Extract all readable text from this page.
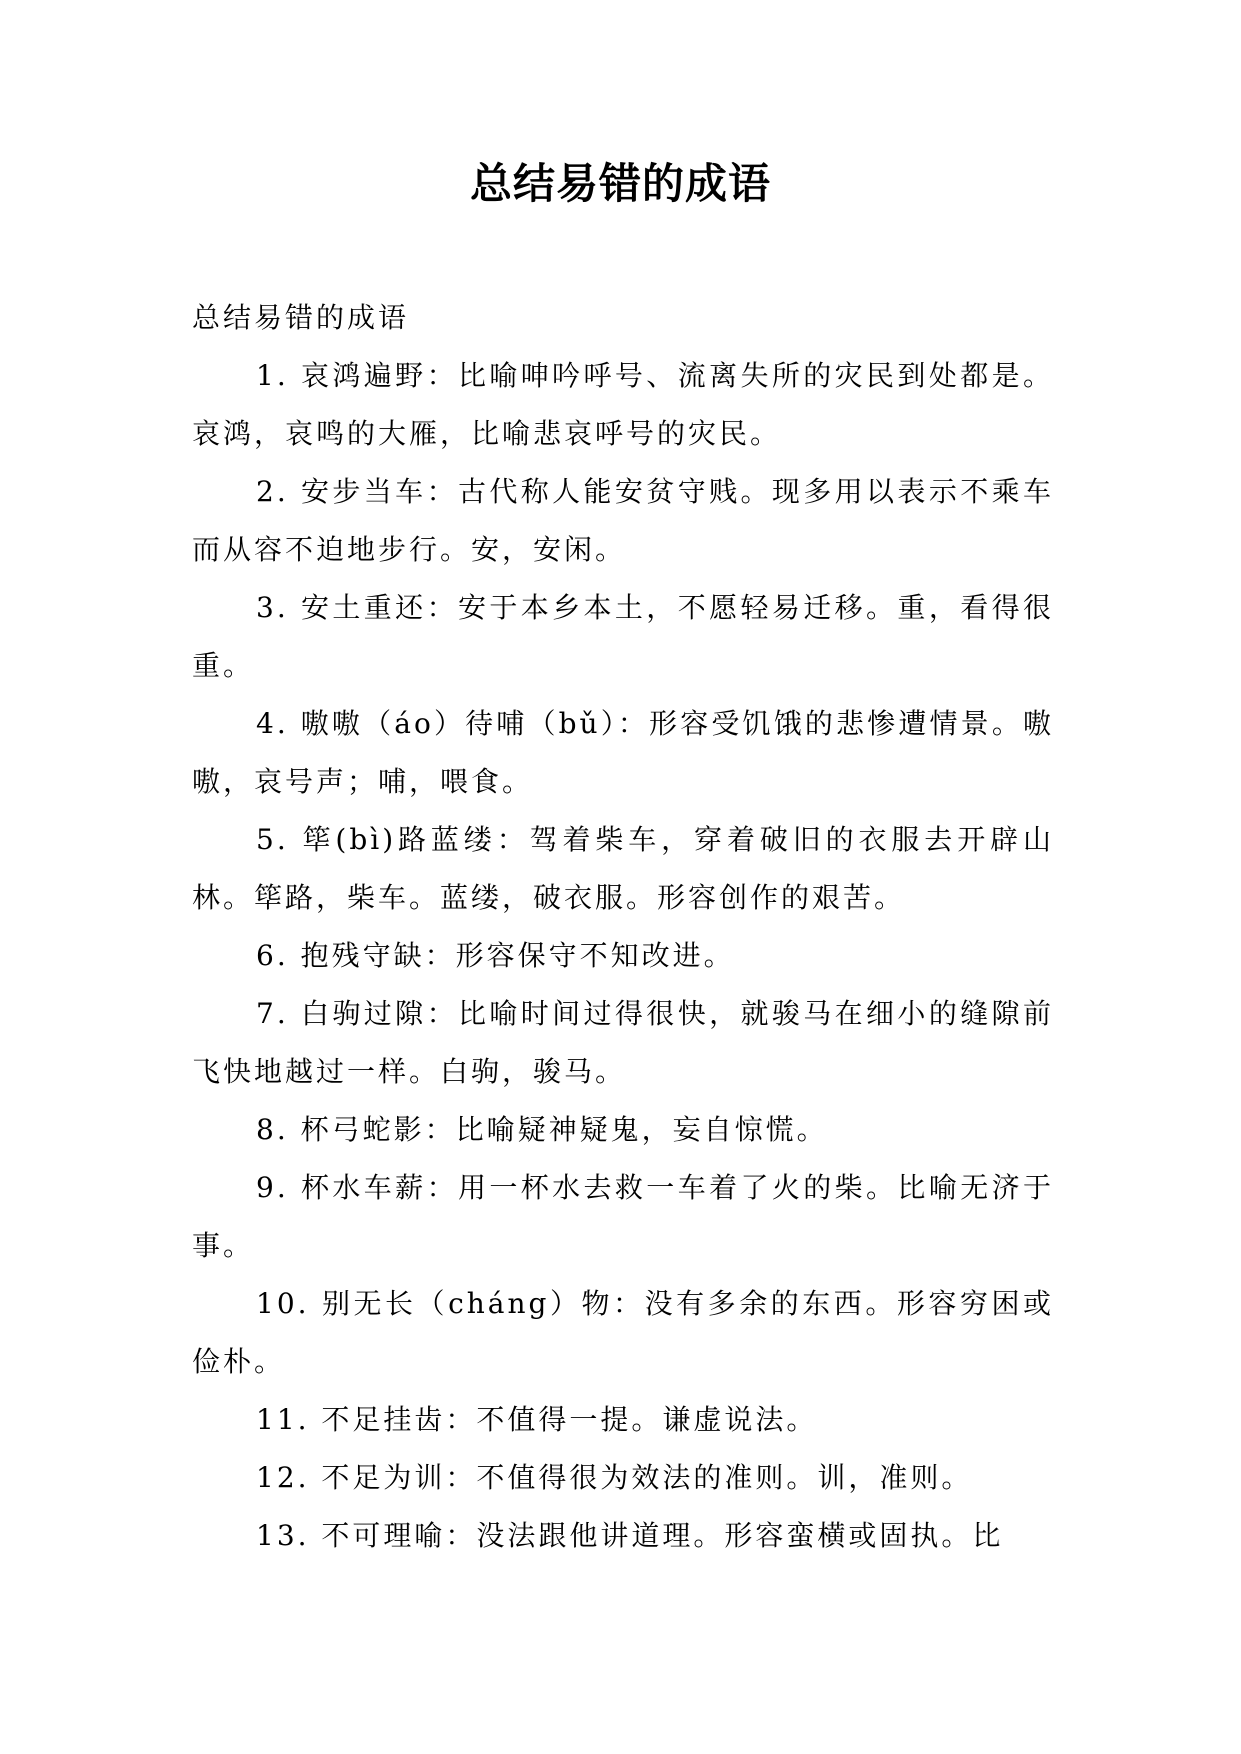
总结易错的成语

总结易错的成语

1. 哀鸿遍野：比喻呻吟呼号、流离失所的灾民到处都是。哀鸿，哀鸣的大雁，比喻悲哀呼号的灾民。

2. 安步当车：古代称人能安贫守贱。现多用以表示不乘车而从容不迫地步行。安，安闲。

3. 安土重还：安于本乡本土，不愿轻易迁移。重，看得很重。

4. 嗷嗷（áo）待哺（bǔ）：形容受饥饿的悲惨遭情景。嗷嗷，哀号声；哺，喂食。

5. 筚(bì)路蓝缕：驾着柴车，穿着破旧的衣服去开辟山林。筚路，柴车。蓝缕，破衣服。形容创作的艰苦。

6. 抱残守缺：形容保守不知改进。

7. 白驹过隙：比喻时间过得很快，就骏马在细小的缝隙前飞快地越过一样。白驹，骏马。

8. 杯弓蛇影：比喻疑神疑鬼，妄自惊慌。

9. 杯水车薪：用一杯水去救一车着了火的柴。比喻无济于事。

10. 别无长（cháng）物：没有多余的东西。形容穷困或俭朴。

11. 不足挂齿：不值得一提。谦虚说法。

12. 不足为训：不值得很为效法的准则。训，准则。

13. 不可理喻：没法跟他讲道理。形容蛮横或固执。比
